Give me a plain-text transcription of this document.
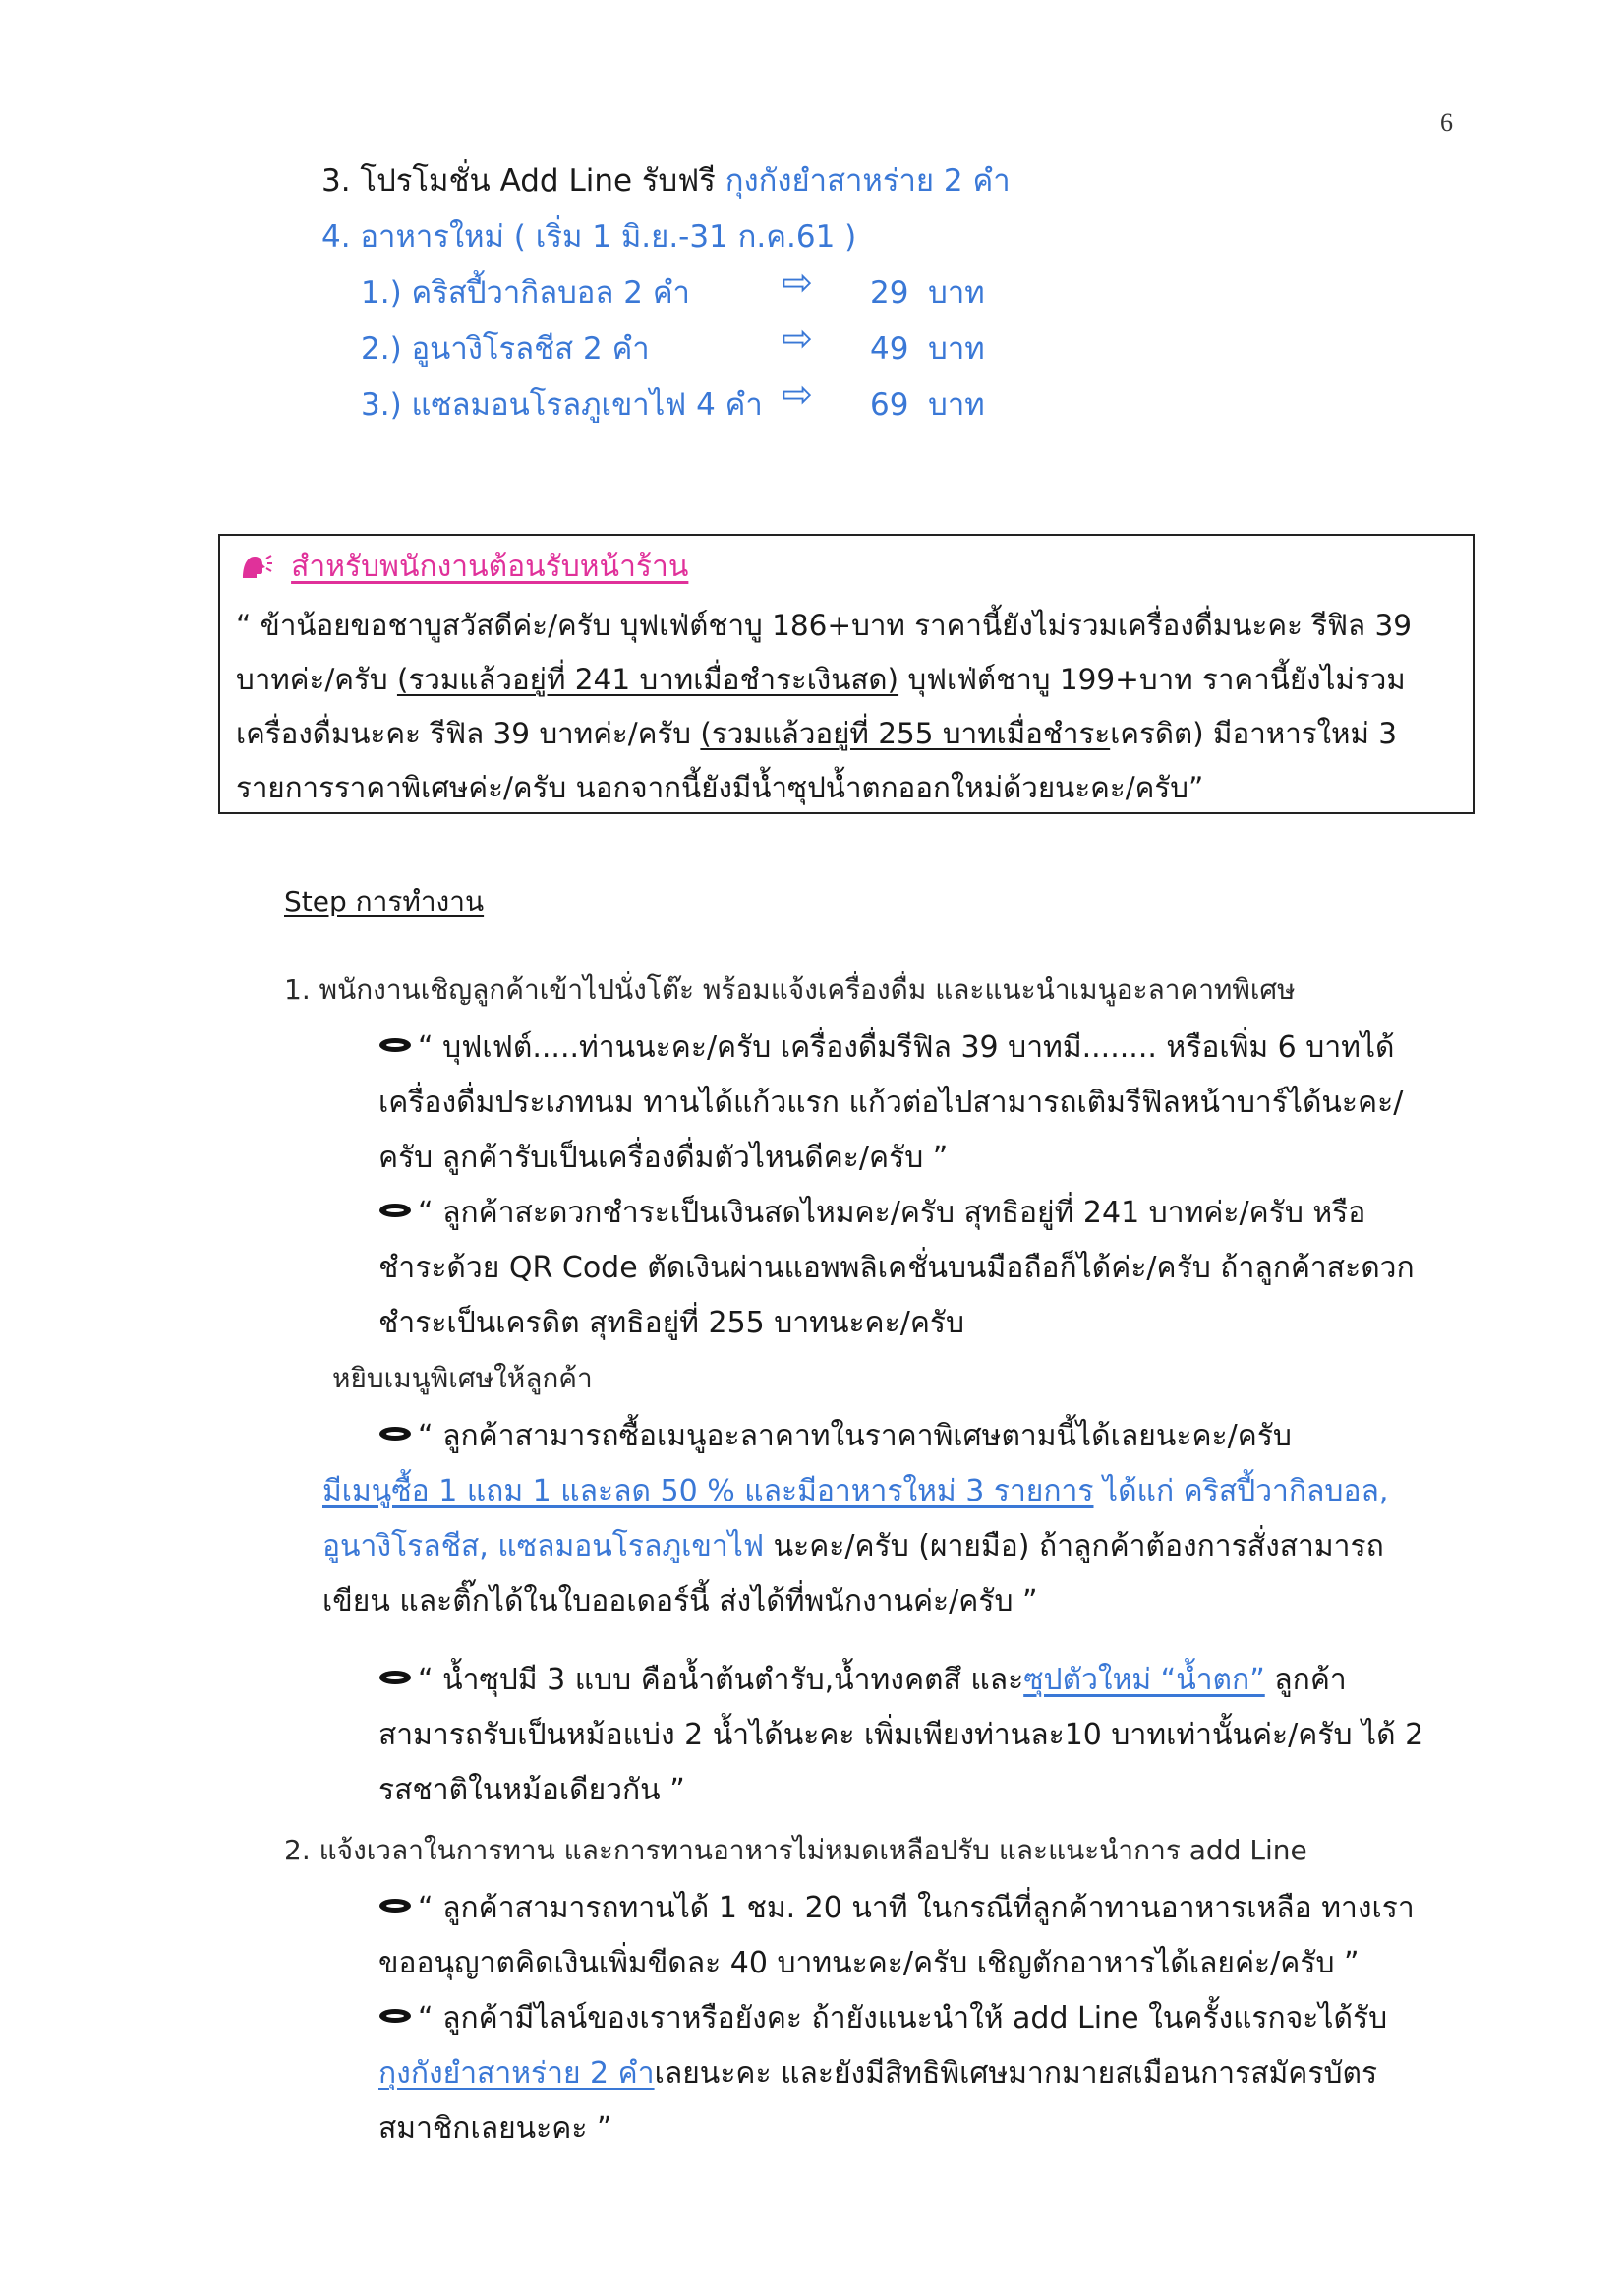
6
3. โปรโมชั่น Add Line รับฟรี กุงกังยำสาหร่าย 2 คำ
4. อาหารใหม่ ( เริ่ม 1 มิ.ย.-31 ก.ค.61 )
1.) คริสปี้วากิลบอล 2 คำ ⇨ 29 บาท
2.) อูนางิโรลชีส 2 คำ	⇨ 49 บาท
3.) แซลมอนโรลภูเขาไฟ 4 คำ ⇨ 69 บาท
สำหรับพนักงานต้อนรับหน้าร้าน
“ ข้าน้อยขอชาบูสวัสดีค่ะ/ครับ บุฟเฟ่ต์ชาบู 186+บาท ราคานี้ยังไม่รวมเครื่องดื่มนะคะ รีฟิล 39
บาทค่ะ/ครับ (รวมแล้วอยู่ที่ 241 บาทเมื่อชำระเงินสด) บุฟเฟ่ต์ชาบู 199+บาท ราคานี้ยังไม่รวม
เครื่องดื่มนะคะ รีฟิล 39 บาทค่ะ/ครับ (รวมแล้วอยู่ที่ 255 บาทเมื่อชำระเครดิต) มีอาหารใหม่ 3
รายการราคาพิเศษค่ะ/ครับ นอกจากนี้ยังมีน้ำซุปน้ำตกออกใหม่ด้วยนะคะ/ครับ”
Step การทำงาน
1. พนักงานเชิญลูกค้าเข้าไปนั่งโต๊ะ พร้อมแจ้งเครื่องดื่ม และแนะนำเมนูอะลาคาทพิเศษ
“ บุฟเฟต์.....ท่านนะคะ/ครับ เครื่องดื่มรีฟิล 39 บาทมี........ หรือเพิ่ม 6 บาทได้
เครื่องดื่มประเภทนม ทานได้แก้วแรก แก้วต่อไปสามารถเติมรีฟิลหน้าบาร์ได้นะคะ/
ครับ ลูกค้ารับเป็นเครื่องดื่มตัวไหนดีคะ/ครับ ”
“ ลูกค้าสะดวกชำระเป็นเงินสดไหมคะ/ครับ สุทธิอยู่ที่ 241 บาทค่ะ/ครับ หรือ
ชำระด้วย QR Code ตัดเงินผ่านแอพพลิเคชั่นบนมือถือก็ได้ค่ะ/ครับ ถ้าลูกค้าสะดวก
ชำระเป็นเครดิต สุทธิอยู่ที่ 255 บาทนะคะ/ครับ
หยิบเมนูพิเศษให้ลูกค้า
“ ลูกค้าสามารถซื้อเมนูอะลาคาทในราคาพิเศษตามนี้ได้เลยนะคะ/ครับ
มีเมนูซื้อ 1 แถม 1 และลด 50 % และมีอาหารใหม่ 3 รายการ ได้แก่ คริสปี้วากิลบอล,
อูนางิโรลชีส, แซลมอนโรลภูเขาไฟ นะคะ/ครับ (ผายมือ) ถ้าลูกค้าต้องการสั่งสามารถ
เขียน และติ๊กได้ในใบออเดอร์นี้ ส่งได้ที่พนักงานค่ะ/ครับ ”
“ น้ำซุปมี 3 แบบ คือน้ำต้นตำรับ,น้ำทงคตสึ และซุปตัวใหม่ “น้ำตก” ลูกค้า
สามารถรับเป็นหม้อแบ่ง 2 น้ำได้นะคะ เพิ่มเพียงท่านละ10 บาทเท่านั้นค่ะ/ครับ ได้ 2
รสชาติในหม้อเดียวกัน ”
2. แจ้งเวลาในการทาน และการทานอาหารไม่หมดเหลือปรับ และแนะนำการ add Line
“ ลูกค้าสามารถทานได้ 1 ชม. 20 นาที ในกรณีที่ลูกค้าทานอาหารเหลือ ทางเรา
ขออนุญาตคิดเงินเพิ่มขีดละ 40 บาทนะคะ/ครับ เชิญตักอาหารได้เลยค่ะ/ครับ ”
“ ลูกค้ามีไลน์ของเราหรือยังคะ ถ้ายังแนะนำให้ add Line ในครั้งแรกจะได้รับ
กุงกังยำสาหร่าย 2 คำเลยนะคะ และยังมีสิทธิพิเศษมากมายสเมือนการสมัครบัตร
สมาชิกเลยนะคะ ”
